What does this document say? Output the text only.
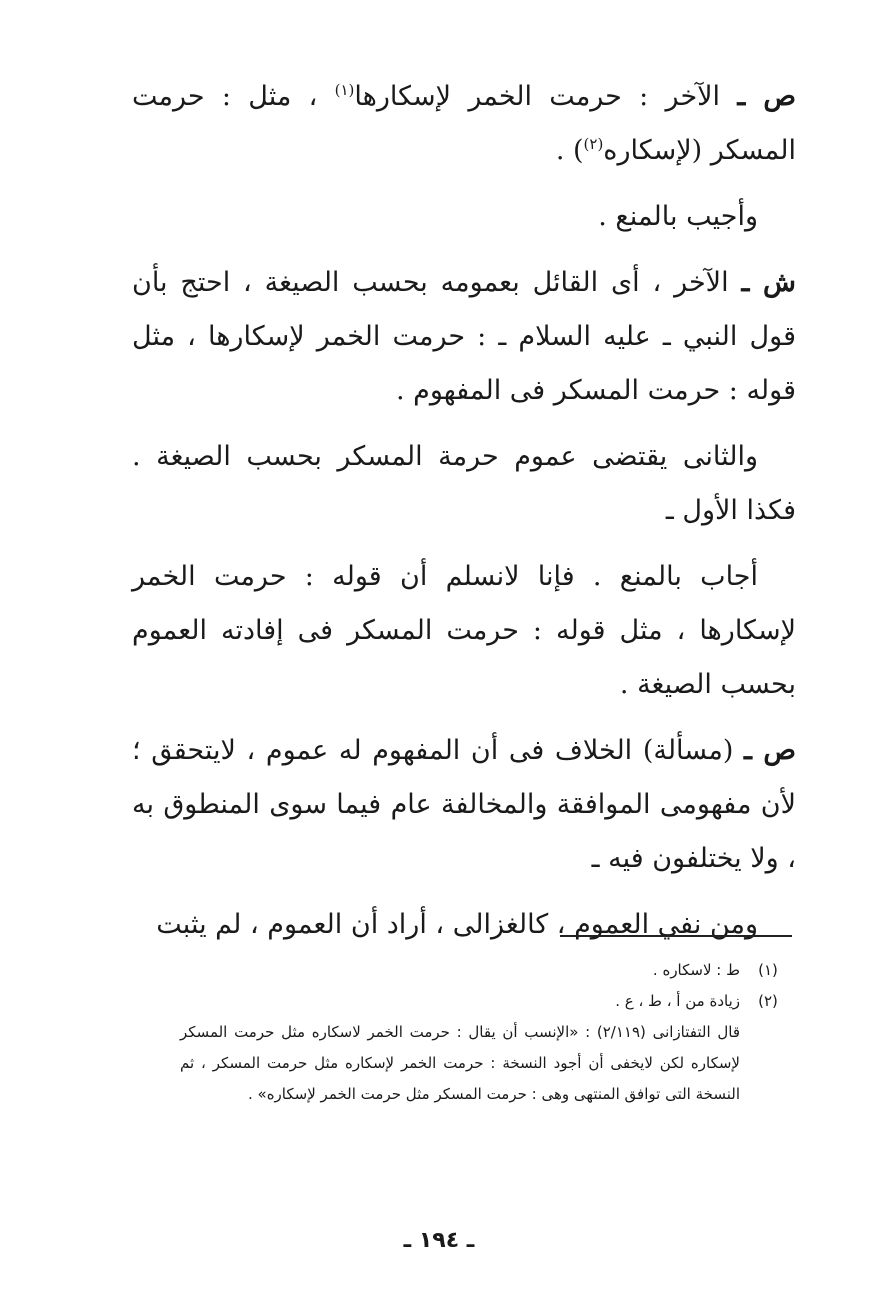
ص ـ الآخر : حرمت الخمر لإسكارها$^{(١)}$ ، مثل : حرمت المسكر (لإسكاره$^{(٢)}$) .

وأجيب بالمنع .

ش ـ الآخر ، أى القائل بعمومه بحسب الصيغة ، احتج بأن قول النبي ـ عليه السلام ـ : حرمت الخمر لإسكارها ، مثل قوله : حرمت المسكر فى المفهوم .

والثانى يقتضى عموم حرمة المسكر بحسب الصيغة . فكذا الأول ـ

أجاب بالمنع . فإنا لانسلم أن قوله : حرمت الخمر لإسكارها ، مثل قوله : حرمت المسكر فى إفادته العموم بحسب الصيغة .

ص ـ (مسألة) الخلاف فى أن المفهوم له عموم ، لايتحقق ؛ لأن مفهومى الموافقة والمخالفة عام فيما سوى المنطوق به ، ولا يختلفون فيه ـ

ومن نفي العموم ، كالغزالى ، أراد أن العموم ، لم يثبت

(١)
ط : لاسكاره .
(٢)
زيادة من أ ، ط ، ع .
قال التفتازانى (٢/١١٩) : «الإنسب أن يقال : حرمت الخمر لاسكاره مثل حرمت المسكر لإسكاره لكن لايخفى أن أجود النسخة : حرمت الخمر لإسكاره مثل حرمت المسكر ، ثم النسخة التى توافق المنتهى وهى : حرمت المسكر مثل حرمت الخمر لإسكاره» .
ـ ١٩٤ ـ
